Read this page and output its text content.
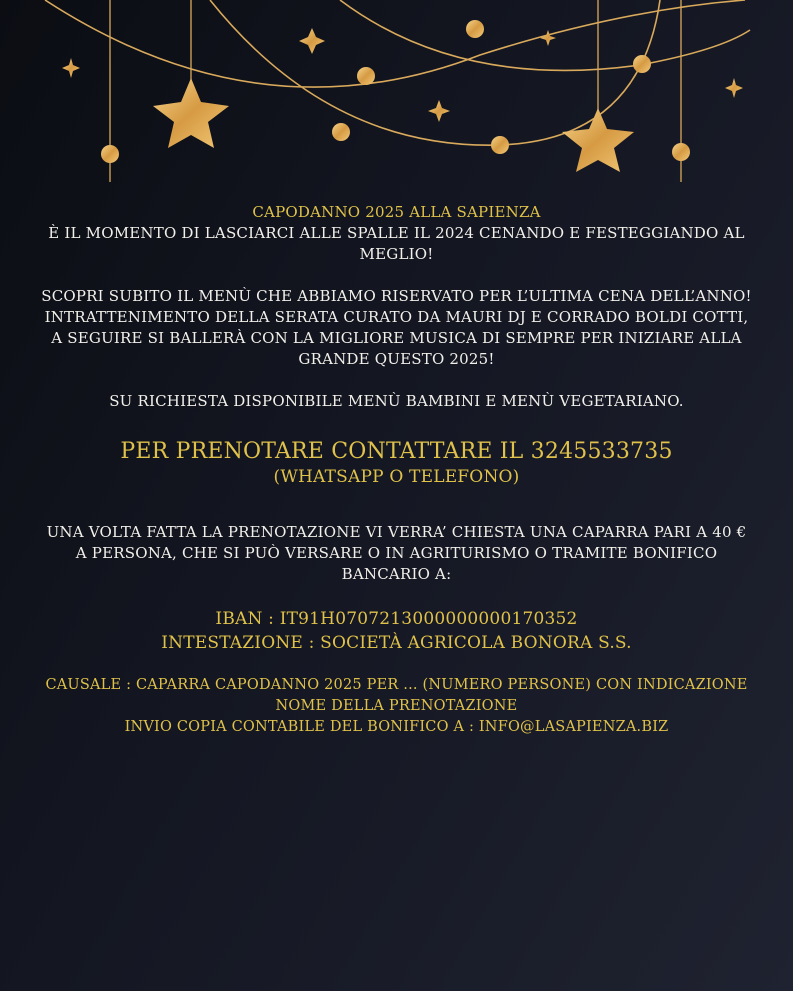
CAPODANNO 2025 ALLA SAPIENZA

È IL MOMENTO DI LASCIARCI ALLE SPALLE IL 2024 CENANDO E FESTEGGIANDO AL MEGLIO!

SCOPRI SUBITO IL MENÙ CHE ABBIAMO RISERVATO PER L’ULTIMA CENA DELL’ANNO! INTRATTENIMENTO DELLA SERATA CURATO DA MAURI DJ E CORRADO BOLDI COTTI, A SEGUIRE SI BALLERÀ CON LA MIGLIORE MUSICA DI SEMPRE PER INIZIARE ALLA GRANDE QUESTO 2025!

SU RICHIESTA DISPONIBILE MENÙ BAMBINI E MENÙ VEGETARIANO.

PER PRENOTARE CONTATTARE IL 3245533735

(WHATSAPP O TELEFONO)

UNA VOLTA FATTA LA PRENOTAZIONE VI VERRA’ CHIESTA UNA CAPARRA PARI A 40 € A PERSONA, CHE SI PUÒ VERSARE O IN AGRITURISMO O TRAMITE BONIFICO BANCARIO A:

IBAN : IT91H0707213000000000170352

INTESTAZIONE : SOCIETÀ AGRICOLA BONORA S.S.

CAUSALE : CAPARRA CAPODANNO 2025 PER ... (NUMERO PERSONE) CON INDICAZIONE NOME DELLA PRENOTAZIONE

INVIO COPIA CONTABILE DEL BONIFICO A : INFO@LASAPIENZA.BIZ
